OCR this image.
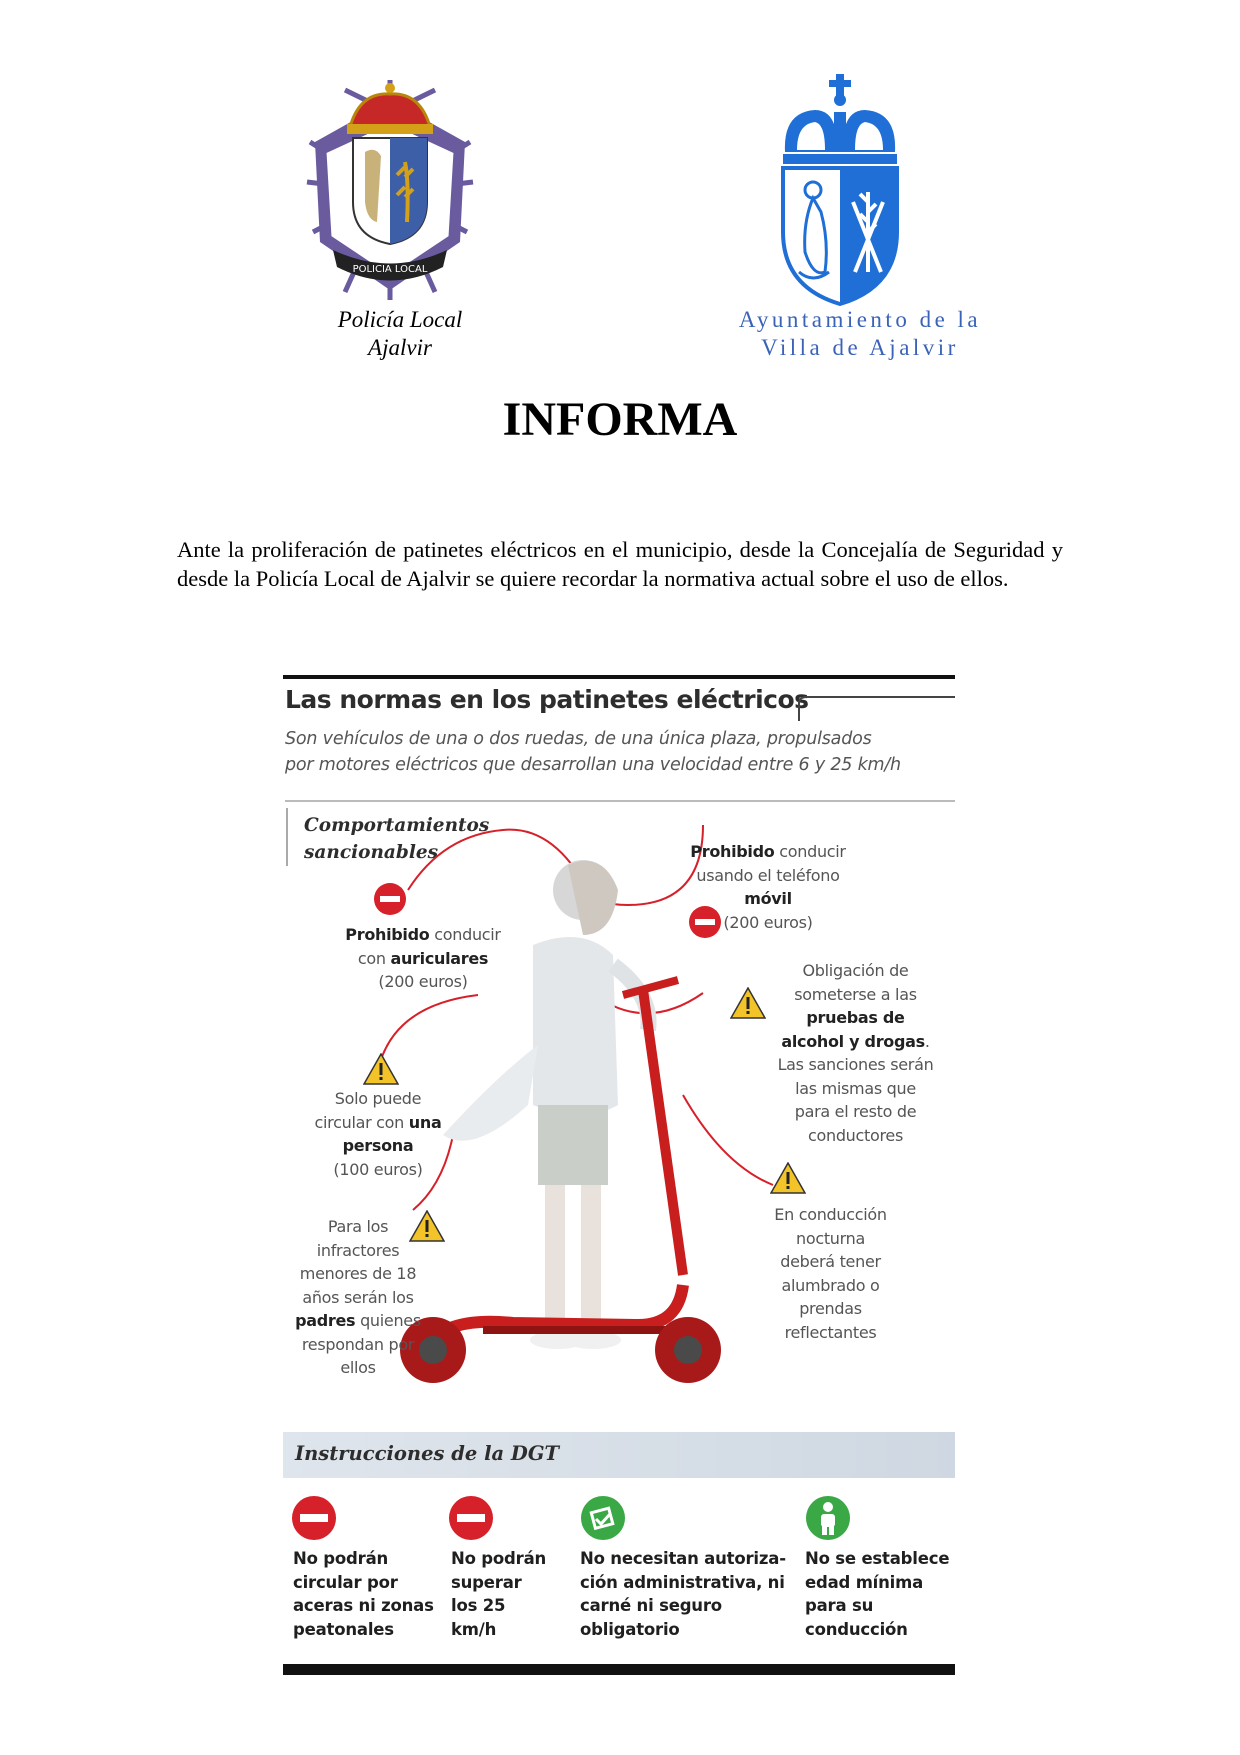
POLICIA LOCAL
Policía Local
Ajalvir
Ayuntamiento de la
Villa de Ajalvir
INFORMA
Ante la proliferación de patinetes eléctricos en el municipio, desde la Concejalía de Seguridad y desde la Policía Local de Ajalvir se quiere recordar la normativa actual sobre el uso de ellos.
Las normas en los patinetes eléctricos
Son vehículos de una o dos ruedas, de una única plaza, propulsados
por motores eléctricos que desarrollan una velocidad entre 6 y 25 km/h
Comportamientos
sancionables
Prohibido conducir
con auriculares
(200 euros)
Prohibido conducir
usando el teléfono
móvil
(200 euros)
Obligación de
someterse a las
pruebas de
alcohol y drogas.
Las sanciones serán
las mismas que
para el resto de
conductores
Solo puede
circular con una
persona
(100 euros)
Para los
infractores
menores de 18
años serán los
padres quienes
respondan por
ellos
En conducción
nocturna
deberá tener
alumbrado o
prendas
reflectantes
Instrucciones de la DGT
No podrán
circular por
aceras ni zonas
peatonales
No podrán
superar
los 25
km/h
No necesitan autoriza-
ción administrativa, ni
carné ni seguro
obligatorio
No se establece
edad mínima
para su
conducción
